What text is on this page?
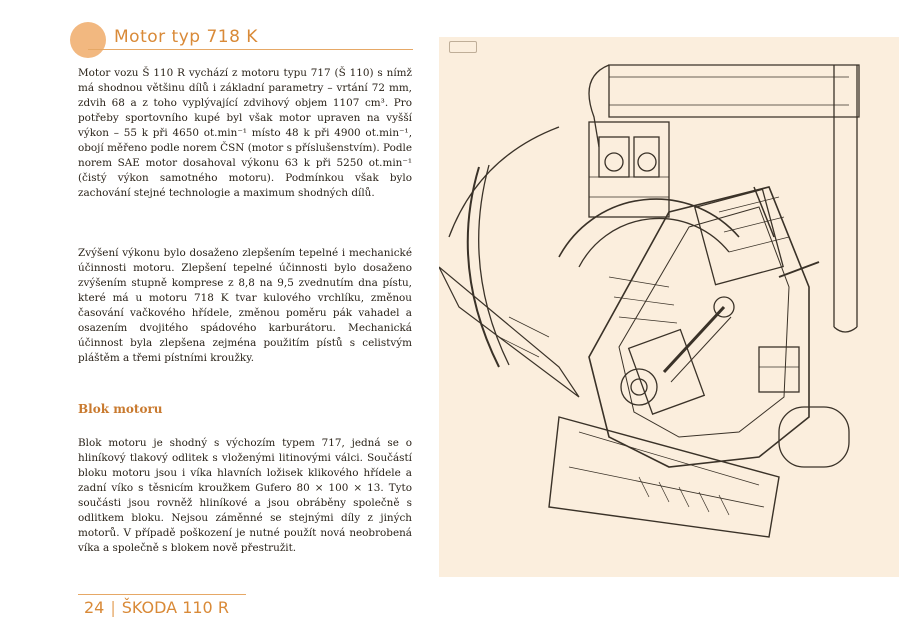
Motor typ 718 K

Motor vozu Š 110 R vychází z motoru typu 717 (Š 110) s nímž má shodnou většinu dílů i základní parametry – vrtání 72 mm, zdvih 68 a z toho vyplývající zdvihový objem 1107 cm³. Pro potřeby sportovního kupé byl však motor upraven na vyšší výkon – 55 k při 4650 ot.min⁻¹ místo 48 k při 4900 ot.min⁻¹, obojí měřeno podle norem ČSN (motor s příslušenstvím). Podle norem SAE motor dosahoval výkonu 63 k při 5250 ot.min⁻¹ (čistý výkon samotného motoru). Podmínkou však bylo zachování stejné technologie a maximum shodných dílů.

Zvýšení výkonu bylo dosaženo zlepšením tepelné i mechanické účinnosti motoru. Zlepšení tepelné účinnosti bylo dosaženo zvýšením stupně komprese z 8,8 na 9,5 zvednutím dna pístu, které má u motoru 718 K tvar kulového vrchlíku, změnou časování vačkového hřídele, změnou poměru pák vahadel a osazením dvojitého spádového karburátoru. Mechanická účinnost byla zlepšena zejména použitím pístů s celistvým pláštěm a třemi pístními kroužky.

Blok motoru

Blok motoru je shodný s výchozím typem 717, jedná se o hliníkový tlakový odlitek s vloženými litinovými válci. Součástí bloku motoru jsou i víka hlavních ložisek klikového hřídele a zadní víko s těsnicím kroužkem Gufero 80 × 100 × 13. Tyto součásti jsou rovněž hliníkové a jsou obráběny společně s odlitkem bloku. Nejsou záměnné se stejnými díly z jiných motorů. V případě poškození je nutné použít nová neobrobená víka a společně s blokem nově přestružit.

24 | ŠKODA 110 R
